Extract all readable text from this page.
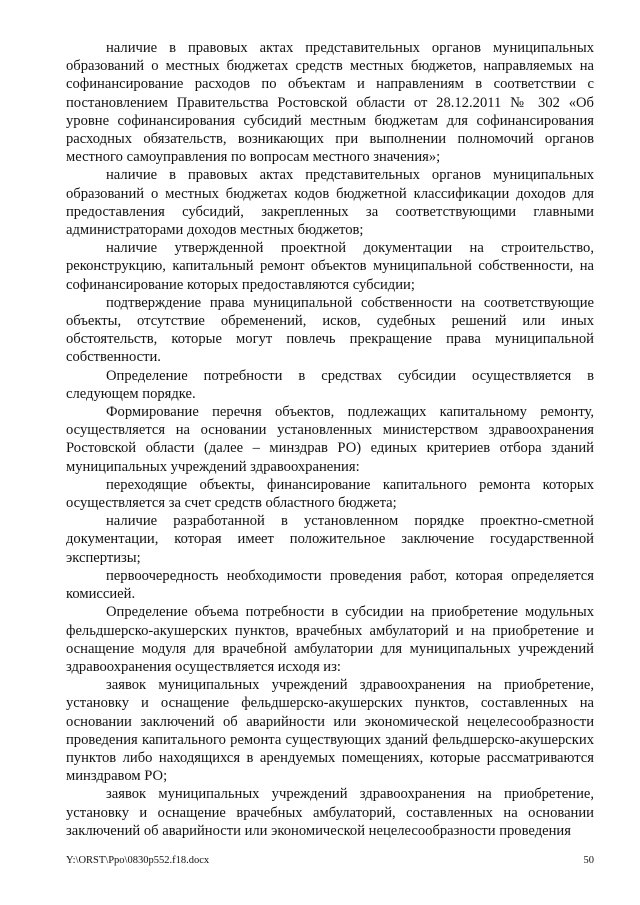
наличие в правовых актах представительных органов муниципальных образований о местных бюджетах средств местных бюджетов, направляемых на софинансирование расходов по объектам и направлениям в соответствии с постановлением Правительства Ростовской области от 28.12.2011 № 302 «Об уровне софинансирования субсидий местным бюджетам для софинансирования расходных обязательств, возникающих при выполнении полномочий органов местного самоуправления по вопросам местного значения»;

наличие в правовых актах представительных органов муниципальных образований о местных бюджетах кодов бюджетной классификации доходов для предоставления субсидий, закрепленных за соответствующими главными администраторами доходов местных бюджетов;

наличие утвержденной проектной документации на строительство, реконструкцию, капитальный ремонт объектов муниципальной собственности, на софинансирование которых предоставляются субсидии;

подтверждение права муниципальной собственности на соответствующие объекты, отсутствие обременений, исков, судебных решений или иных обстоятельств, которые могут повлечь прекращение права муниципальной собственности.

Определение потребности в средствах субсидии осуществляется в следующем порядке.

Формирование перечня объектов, подлежащих капитальному ремонту, осуществляется на основании установленных министерством здравоохранения Ростовской области (далее – минздрав РО) единых критериев отбора зданий муниципальных учреждений здравоохранения:

переходящие объекты, финансирование капитального ремонта которых осуществляется за счет средств областного бюджета;

наличие разработанной в установленном порядке проектно-сметной документации, которая имеет положительное заключение государственной экспертизы;

первоочередность необходимости проведения работ, которая определяется комиссией.

Определение объема потребности в субсидии на приобретение модульных фельдшерско-акушерских пунктов, врачебных амбулаторий и на приобретение и оснащение модуля для врачебной амбулатории для муниципальных учреждений здравоохранения осуществляется исходя из:

заявок муниципальных учреждений здравоохранения на приобретение, установку и оснащение фельдшерско-акушерских пунктов, составленных на основании заключений об аварийности или экономической нецелесообразности проведения капитального ремонта существующих зданий фельдшерско-акушерских пунктов либо находящихся в арендуемых помещениях, которые рассматриваются минздравом РО;

заявок муниципальных учреждений здравоохранения на приобретение, установку и оснащение врачебных амбулаторий, составленных на основании заключений об аварийности или экономической нецелесообразности проведения

Y:\ORST\Ppo\0830p552.f18.docx	50
